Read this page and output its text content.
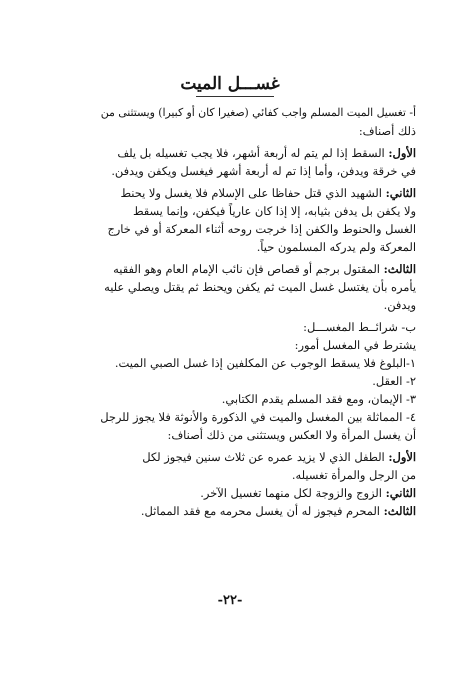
غســـل الميت
أ- تغسيل الميت المسلم واجب كفائي (صغيرا كان أو كبيرا) ويستثنى من
ذلك أصناف:
الأول: السقط إذا لم يتم له أربعة أشهر، فلا يجب تغسيله بل يلف
في خرقة ويدفن، وأما إذا تم له أربعة أشهر فيغسل ويكفن ويدفن.
الثاني: الشهيد الذي قتل حفاظا على الإسلام فلا يغسل ولا يحنط
ولا يكفن بل يدفن بثيابه، إلا إذا كان عارياً فيكفن، وإنما يسقط
الغسل والحنوط والكفن إذا خرجت روحه أثناء المعركة أو في خارج
المعركة ولم يدركه المسلمون حياً.
الثالث: المقتول برجم أو قصاص فإن نائب الإمام العام وهو الفقيه
يأمره بأن يغتسل غسل الميت ثم يكفن ويحنط ثم يقتل ويصلي عليه
ويدفن.
ب- شرائــط المغســـل:
يشترط في المغسل أمور:
١-البلوغ فلا يسقط الوجوب عن المكلفين إذا غسل الصبي الميت.
٢- العقل.
٣- الإيمان، ومع فقد المسلم يقدم الكتابي.
٤- المماثلة بين المغسل والميت في الذكورة والأنوثة فلا يجوز للرجل
أن يغسل المرأة ولا العكس ويستثنى من ذلك أصناف:
الأول: الطفل الذي لا يزيد عمره عن ثلاث سنين فيجوز لكل
من الرجل والمرأة تغسيله.
الثاني: الزوج والزوجة لكل منهما تغسيل الآخر.
الثالث: المحرم فيجوز له أن يغسل محرمه مع فقد المماثل.
-٢٢-
